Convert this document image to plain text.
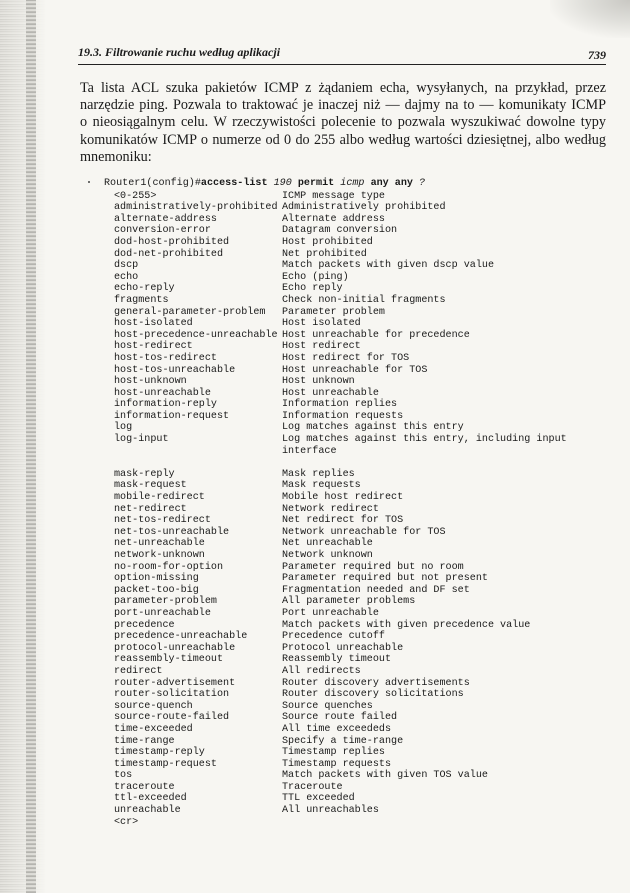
19.3. Filtrowanie ruchu według aplikacji	739

Ta lista ACL szuka pakietów ICMP z żądaniem echa, wysyłanych, na przykład, przez
narzędzie ping. Pozwala to traktować je inaczej niż — dajmy na to — komunikaty ICMP
o nieosiągalnym celu. W rzeczywistości polecenie to pozwala wyszukiwać dowolne typy
komunikatów ICMP o numerze od 0 do 255 albo według wartości dziesiętnej, albo według
mnemoniku:

Router1(config)#access-list 190 permit icmp any any ?
<0-255>	ICMP message type
administratively-prohibited Administratively prohibited
alternate-address	Alternate address
conversion-error	Datagram conversion
dod-host-prohibited	Host prohibited
dod-net-prohibited	Net prohibited
dscp	Match packets with given dscp value
echo	Echo (ping)
echo-reply	Echo reply
fragments	Check non-initial fragments
general-parameter-problem	Parameter problem
host-isolated	Host isolated
host-precedence-unreachable Host unreachable for precedence
host-redirect	Host redirect
host-tos-redirect	Host redirect for TOS
host-tos-unreachable	Host unreachable for TOS
host-unknown	Host unknown
host-unreachable	Host unreachable
information-reply	Information replies
information-request	Information requests
log	Log matches against this entry
log-input	Log matches against this entry, including input
interface
mask-reply	Mask replies
mask-request	Mask requests
mobile-redirect	Mobile host redirect
net-redirect	Network redirect
net-tos-redirect	Net redirect for TOS
net-tos-unreachable	Network unreachable for TOS
net-unreachable	Net unreachable
network-unknown	Network unknown
no-room-for-option	Parameter required but no room
option-missing	Parameter required but not present
packet-too-big	Fragmentation needed and DF set
parameter-problem	All parameter problems
port-unreachable	Port unreachable
precedence	Match packets with given precedence value
precedence-unreachable	Precedence cutoff
protocol-unreachable	Protocol unreachable
reassembly-timeout	Reassembly timeout
redirect	All redirects
router-advertisement	Router discovery advertisements
router-solicitation	Router discovery solicitations
source-quench	Source quenches
source-route-failed	Source route failed
time-exceeded	All time exceededs
time-range	Specify a time-range
timestamp-reply	Timestamp replies
timestamp-request	Timestamp requests
tos	Match packets with given TOS value
traceroute	Traceroute
ttl-exceeded	TTL exceeded
unreachable	All unreachables
<cr>
